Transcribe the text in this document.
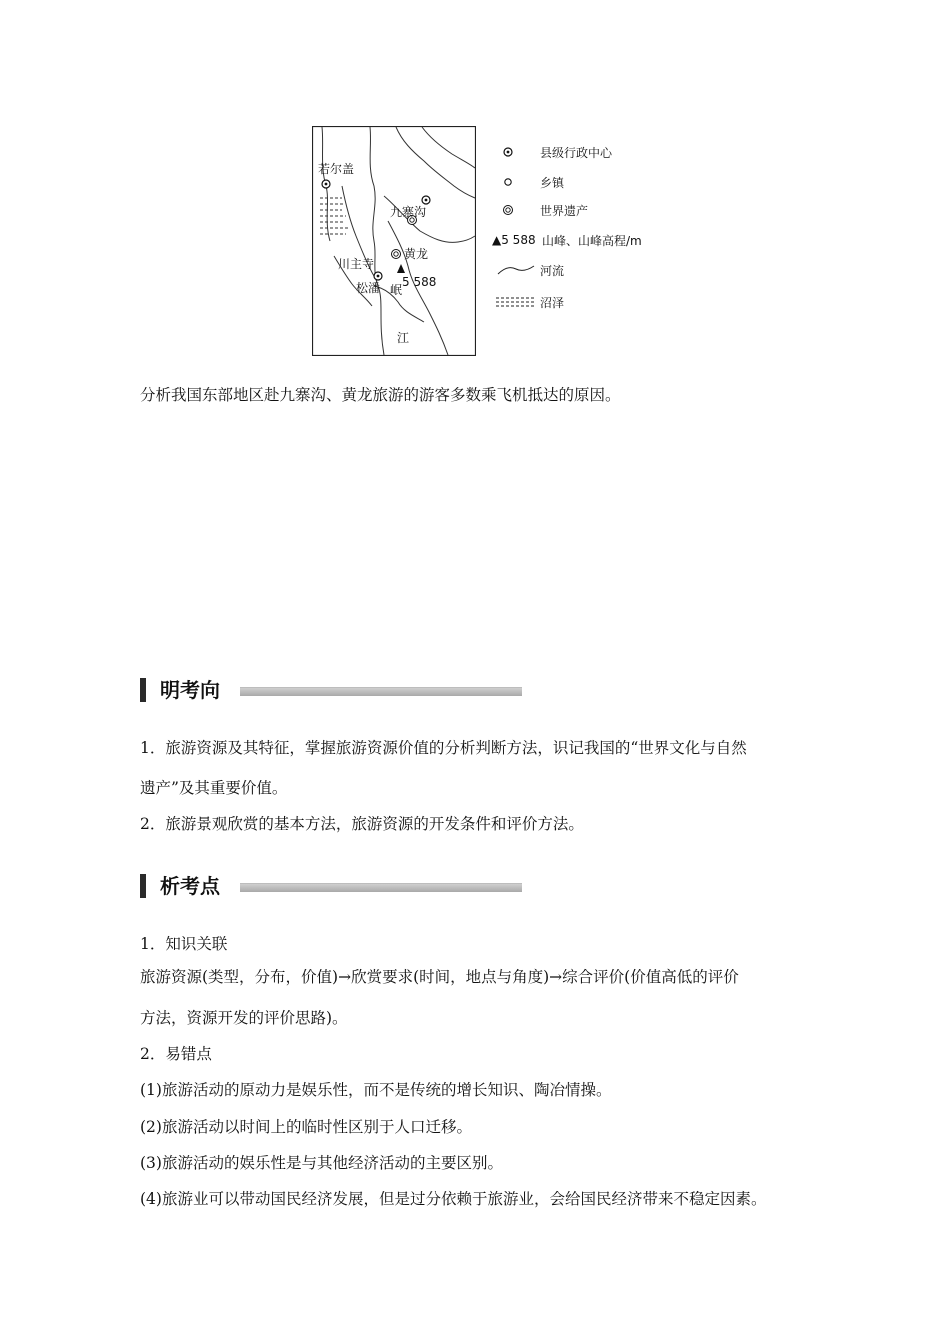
若尔盖
九寨沟
川主寺
黄龙
松潘 岷
江
5 588
县级行政中心
乡镇
世界遗产
▲5 588 山峰、山峰高程/m
河流
沼泽
分析我国东部地区赴九寨沟、黄龙旅游的游客多数乘飞机抵达的原因。
明考向
1．旅游资源及其特征，掌握旅游资源价值的分析判断方法，识记我国的“世界文化与自然
遗产”及其重要价值。
2．旅游景观欣赏的基本方法，旅游资源的开发条件和评价方法。
析考点
1．知识关联
旅游资源(类型，分布，价值)→欣赏要求(时间，地点与角度)→综合评价(价值高低的评价
方法，资源开发的评价思路)。
2．易错点
(1)旅游活动的原动力是娱乐性，而不是传统的增长知识、陶冶情操。
(2)旅游活动以时间上的临时性区别于人口迁移。
(3)旅游活动的娱乐性是与其他经济活动的主要区别。
(4)旅游业可以带动国民经济发展，但是过分依赖于旅游业，会给国民经济带来不稳定因素。
